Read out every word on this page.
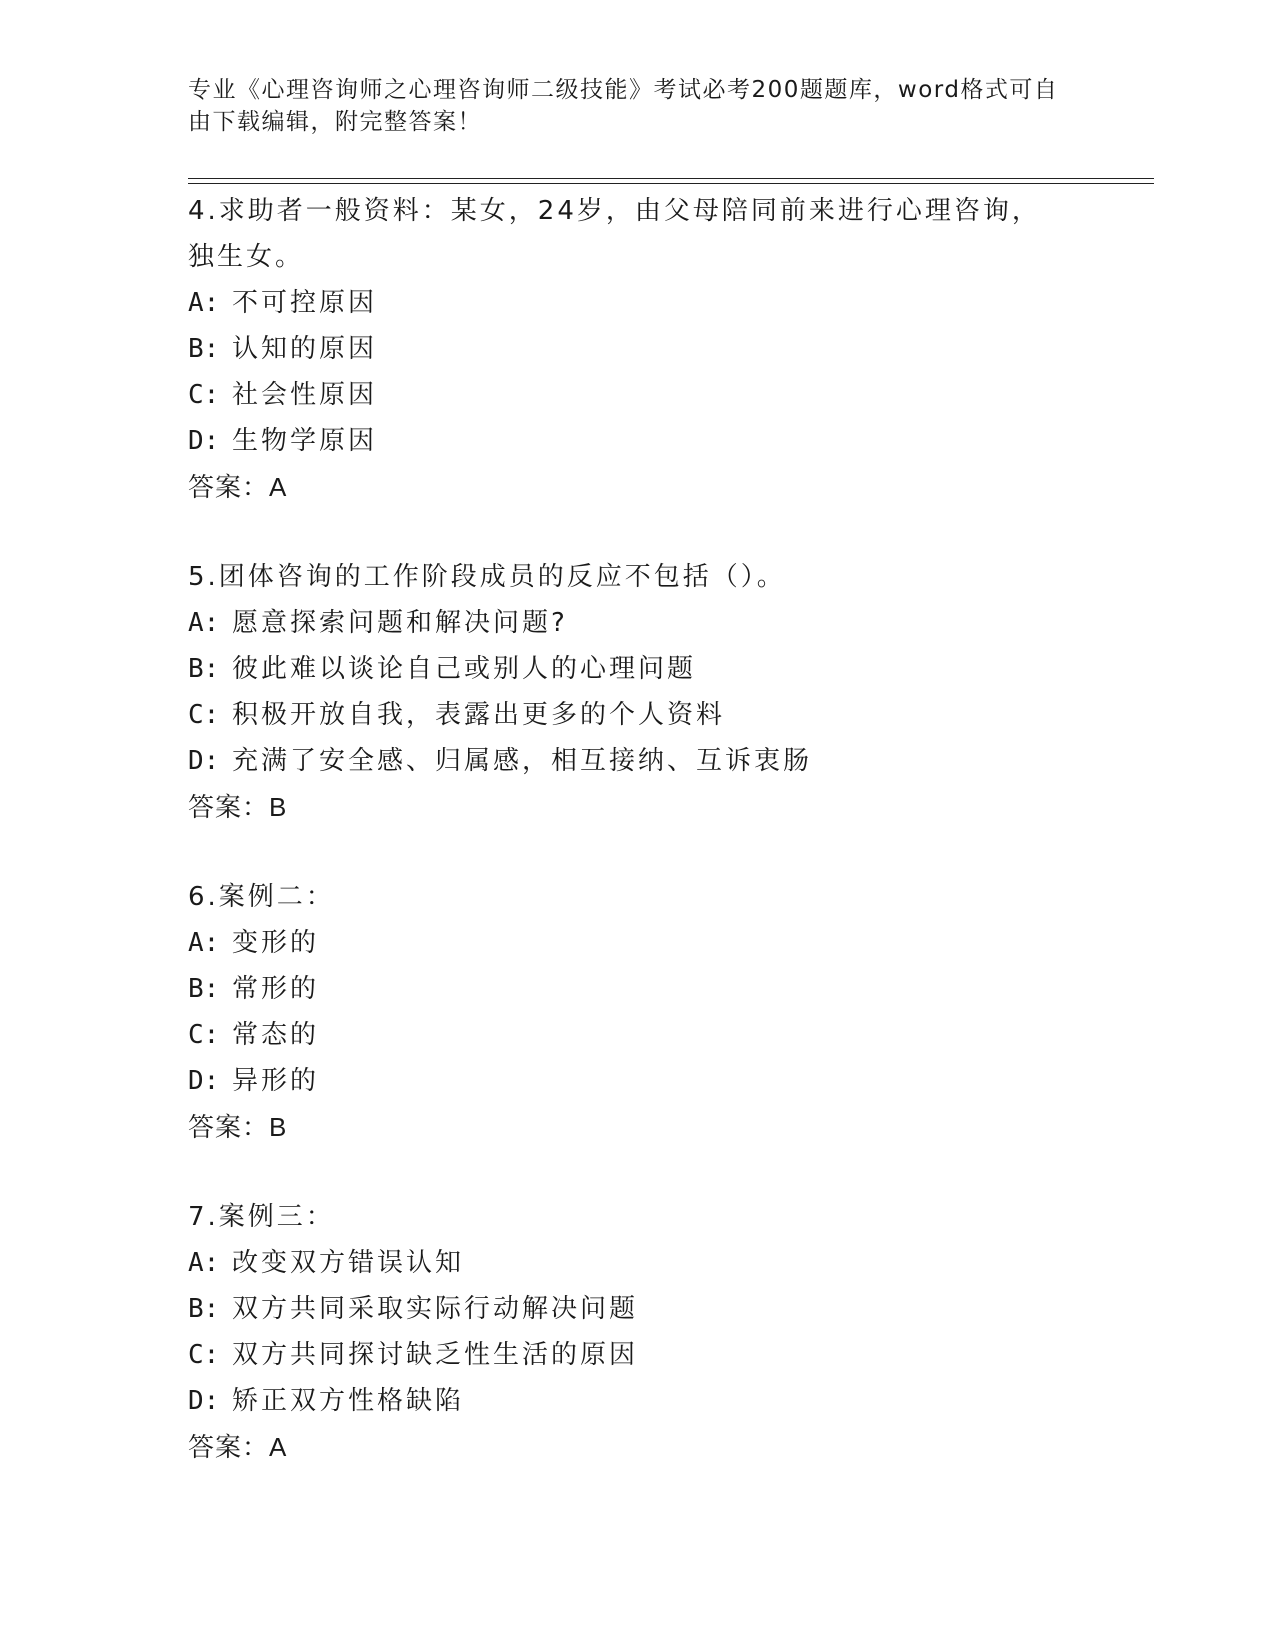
专业《心理咨询师之心理咨询师二级技能》考试必考200题题库，word格式可自由下载编辑，附完整答案！
4.求助者一般资料：某女，24岁，由父母陪同前来进行心理咨询，独生女。
A: 不可控原因
B: 认知的原因
C: 社会性原因
D: 生物学原因
答案：A
5.团体咨询的工作阶段成员的反应不包括（）。
A: 愿意探索问题和解决问题?
B: 彼此难以谈论自己或别人的心理问题
C: 积极开放自我，表露出更多的个人资料
D: 充满了安全感、归属感，相互接纳、互诉衷肠
答案：B
6.案例二：
A: 变形的
B: 常形的
C: 常态的
D: 异形的
答案：B
7.案例三：
A: 改变双方错误认知
B: 双方共同采取实际行动解决问题
C: 双方共同探讨缺乏性生活的原因
D: 矫正双方性格缺陷
答案：A
